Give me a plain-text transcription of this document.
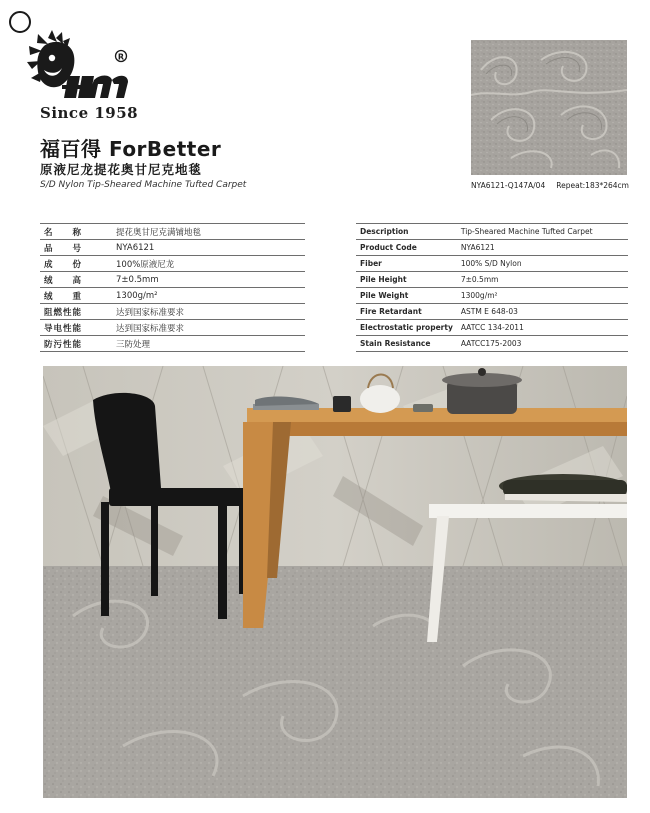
R
Since 1958
福百得 ForBetter
原液尼龙提花奥甘尼克地毯
S/D Nylon Tip-Sheared Machine Tufted Carpet	NYA6121-Q147A/04 Repeat:183*264cm
名　　称	提花奥甘尼克满铺地毯
品　　号	NYA6121
成　　份	100%原液尼龙
绒　　高	7±0.5mm
绒　　重	1300g/m²
阻燃性能	达到国家标准要求
导电性能	达到国家标准要求
防污性能	三防处理
Description	Tip-Sheared Machine Tufted Carpet
Product Code	NYA6121
Fiber	100% S/D Nylon
Pile Height	7±0.5mm
Pile Weight	1300g/m²
Fire Retardant	ASTM E 648-03
Electrostatic property	AATCC 134-2011
Stain Resistance	AATCC175-2003
